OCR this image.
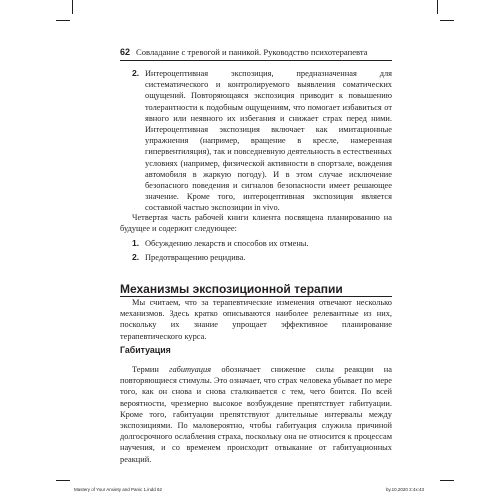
62 Совладание с тревогой и паникой. Руководство психотерапевта
2. Интероцептивная экспозиция, предназначенная для систематического и контролируемого выявления соматических ощущений. Повторяющаяся экспозиция приводит к повышению толерантности к подобным ощущениям, что помогает избавиться от явного или неявного их избегания и снижает страх перед ними. Интероцептивная экспозиция включает как имитационные упражнения (например, вращение в кресле, намеренная гипервентиляция), так и повседневную деятельность в естественных условиях (например, физической активности в спортзале, вождения автомобиля в жаркую погоду). И в этом случае исключение безопасного поведения и сигналов безопасности имеет решающее значение. Кроме того, интероцептивная экспозиция является составной частью экспозиции in vivo.
Четвертая часть рабочей книги клиента посвящена планированию на будущее и содержит следующее:
1. Обсуждению лекарств и способов их отмены.
2. Предотвращению рецидива.
Механизмы экспозиционной терапии
Мы считаем, что за терапевтические изменения отвечают несколько механизмов. Здесь кратко описываются наиболее релевантные из них, поскольку их знание упрощает эффективное планирование терапевтического курса.
Габитуация
Термин габитуация обозначает снижение силы реакции на повторяющиеся стимулы. Это означает, что страх человека убывает по мере того, как он снова и снова сталкивается с тем, чего боится. По всей вероятности, чрезмерно высокое возбуждение препятствует габитуации. Кроме того, габитуации препятствуют длительные интервалы между экспозициями. По маловероятно, чтобы габитуация служила причиной долгосрочного ослабления страха, поскольку она не относится к процессам научения, и со временем происходит отвыкание от габитуационных реакций.
Mastery of Your Anxiety and Panic 1.indd 62	by.10.2020 2:4x:43
